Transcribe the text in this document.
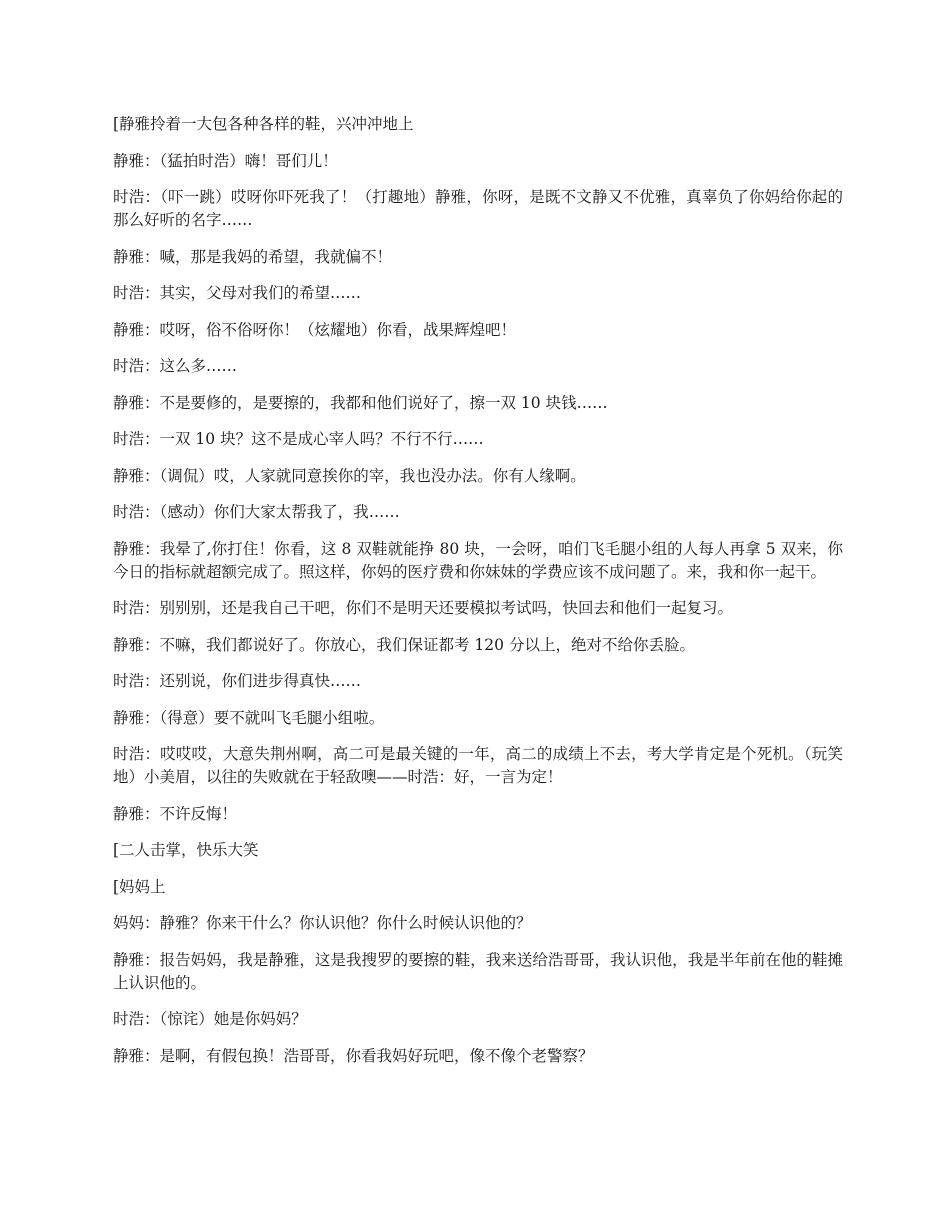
[静雅拎着一大包各种各样的鞋，兴冲冲地上

静雅：（猛拍时浩）嗨！哥们儿！

时浩：（吓一跳）哎呀你吓死我了！（打趣地）静雅，你呀，是既不文静又不优雅，真辜负了你妈给你起的那么好听的名字……

静雅：喊，那是我妈的希望，我就偏不！

时浩：其实，父母对我们的希望……

静雅：哎呀，俗不俗呀你！（炫耀地）你看，战果辉煌吧！

时浩：这么多……

静雅：不是要修的，是要擦的，我都和他们说好了，擦一双 10 块钱……

时浩：一双 10 块？这不是成心宰人吗？不行不行……

静雅：（调侃）哎，人家就同意挨你的宰，我也没办法。你有人缘啊。

时浩：（感动）你们大家太帮我了，我……

静雅：我晕了,你打住！你看，这 8 双鞋就能挣 80 块，一会呀，咱们飞毛腿小组的人每人再拿 5 双来，你今日的指标就超额完成了。照这样，你妈的医疗费和你妹妹的学费应该不成问题了。来，我和你一起干。

时浩：别别别，还是我自己干吧，你们不是明天还要模拟考试吗，快回去和他们一起复习。

静雅：不嘛，我们都说好了。你放心，我们保证都考 120 分以上，绝对不给你丢脸。

时浩：还别说，你们进步得真快……

静雅：（得意）要不就叫飞毛腿小组啦。

时浩：哎哎哎，大意失荆州啊，高二可是最关键的一年，高二的成绩上不去，考大学肯定是个死机。（玩笑地）小美眉，以往的失败就在于轻敌噢——时浩：好，一言为定！

静雅：不许反悔！

[二人击掌，快乐大笑

[妈妈上

妈妈：静雅？你来干什么？你认识他？你什么时候认识他的？

静雅：报告妈妈，我是静雅，这是我搜罗的要擦的鞋，我来送给浩哥哥，我认识他，我是半年前在他的鞋摊上认识他的。

时浩：（惊诧）她是你妈妈？

静雅：是啊，有假包换！浩哥哥，你看我妈好玩吧，像不像个老警察？
